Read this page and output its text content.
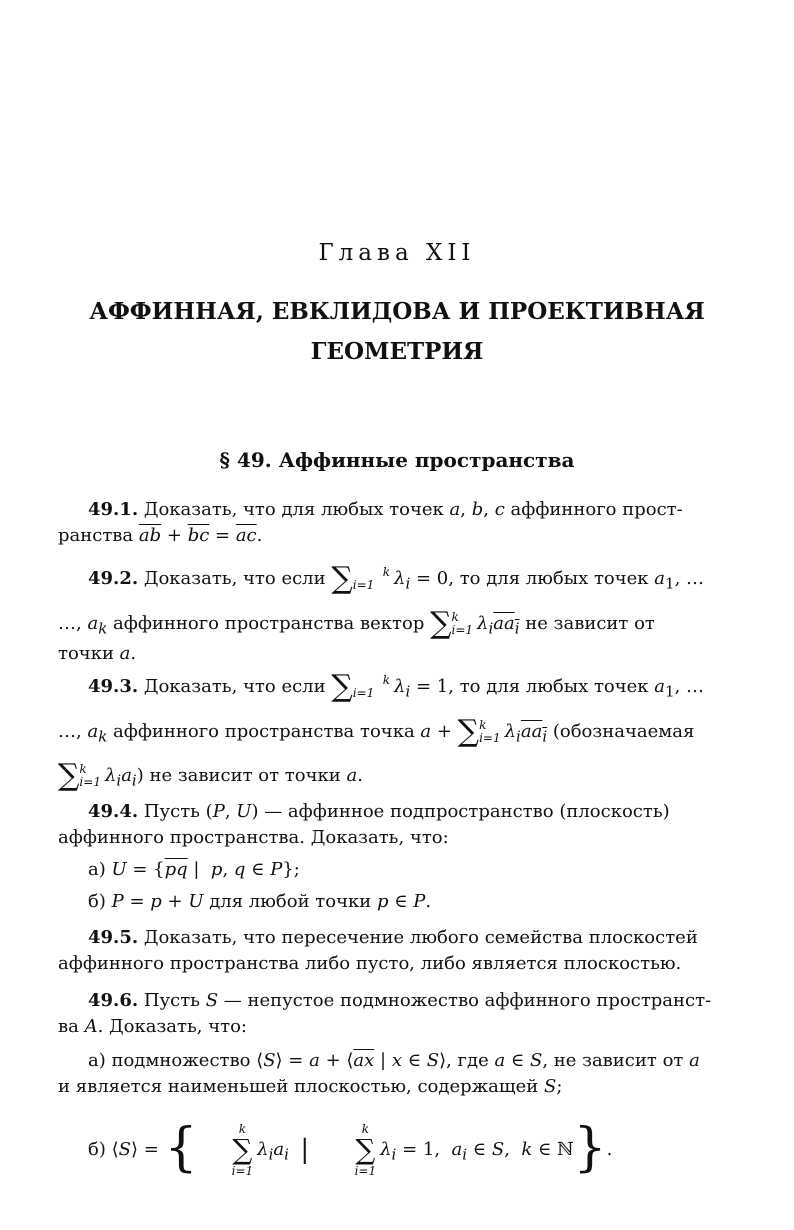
Глава XII
АФФИННАЯ, ЕВКЛИДОВА И ПРОЕКТИВНАЯ
ГЕОМЕТРИЯ
§ 49. Аффинные пространства
49.1. Доказать, что для любых точек a, b, c аффинного прост-
ранства $\overline{ab} + \overline{bc} = \overline{ac}$.
49.2. Доказать, что если ∑	k
i=1 $\lambda_i = 0$, то для любых точек $a_1$, …
…, $a_k$ аффинного пространства вектор ∑k
i=1 $\lambda_iaa_i$ не зависит от
точки a.
49.3. Доказать, что если ∑	k
i=1 $\lambda_i = 1$, то для любых точек $a_1$, …
…, $a_k$ аффинного пространства точка a + ∑k
i=1 $\lambda_iaa_i$ (обозначаемая
∑k
i=1 $\lambda_ia_i$) не зависит от точки a.
49.4. Пусть (P, U) — аффинное подпространство (плоскость)
аффинного пространства. Доказать, что:
а) $U = \{\overline{pq}$ |  p, q ∈ P};
б) P = p + U для любой точки p ∈ P.
49.5. Доказать, что пересечение любого семейства плоскостей
аффинного пространства либо пусто, либо является плоскостью.
49.6. Пусть S — непустое подмножество аффинного пространст-
ва A. Доказать, что:
а) подмножество ⟨S⟩ = $a + ⟨\overline{ax}$ | x ∈ S⟩, где a ∈ S, не зависит от a
и является наименьшей плоскостью, содержащей S;
б) ⟨S⟩ = {	k
∑
i=1
$\lambda_ia_i$ |
k
∑
i=1
$\lambda_i = 1$,  $a_i$ ∈ S,  k ∈ ℕ}.
